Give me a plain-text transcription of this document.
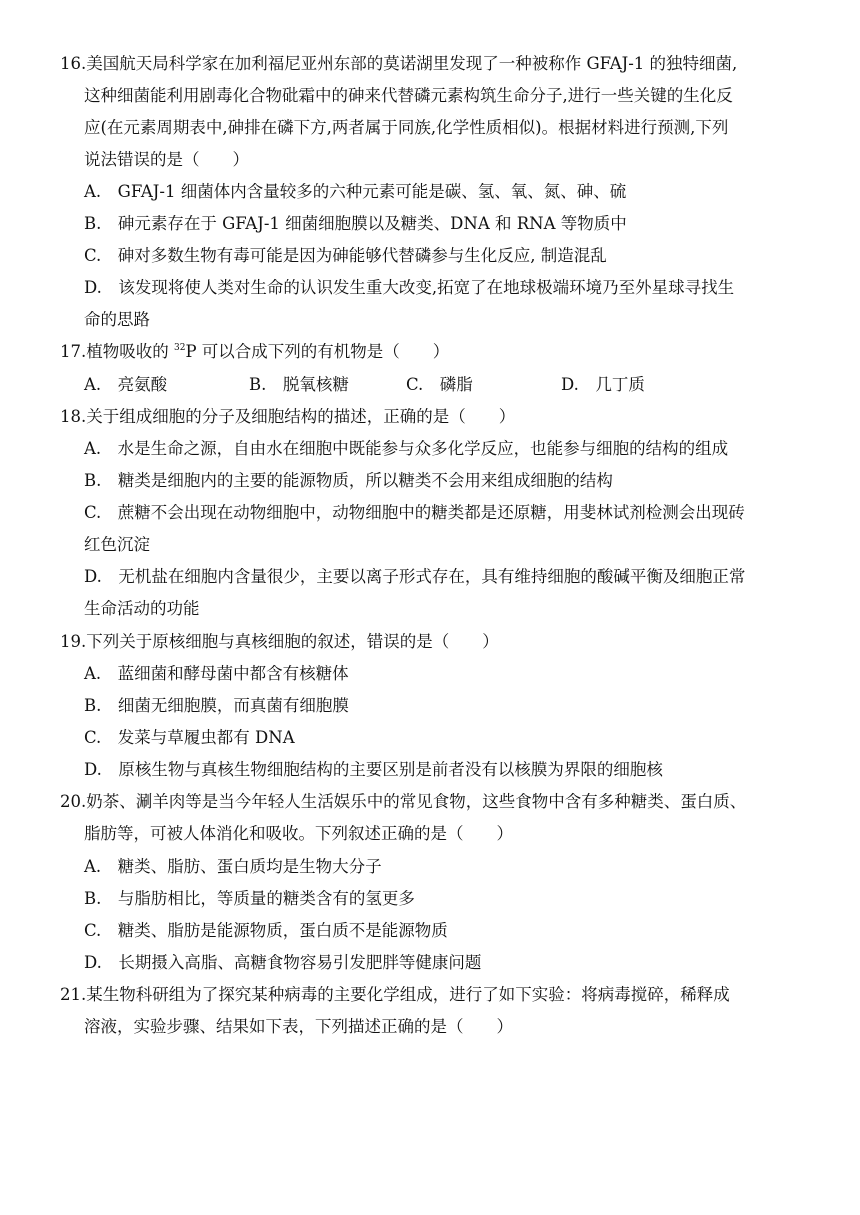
16.美国航天局科学家在加利福尼亚州东部的莫诺湖里发现了一种被称作 GFAJ-1 的独特细菌,
这种细菌能利用剧毒化合物砒霜中的砷来代替磷元素构筑生命分子,进行一些关键的生化反
应(在元素周期表中,砷排在磷下方,两者属于同族,化学性质相似)。根据材料进行预测,下列
说法错误的是（　　）
A.　GFAJ-1 细菌体内含量较多的六种元素可能是碳、氢、氧、氮、砷、硫
B.　砷元素存在于 GFAJ-1 细菌细胞膜以及糖类、DNA 和 RNA 等物质中
C.　砷对多数生物有毒可能是因为砷能够代替磷参与生化反应, 制造混乱
D.　该发现将使人类对生命的认识发生重大改变,拓宽了在地球极端环境乃至外星球寻找生
命的思路
17.植物吸收的 $^{32}$P 可以合成下列的有机物是（　　）
A.　亮氨酸	B.　脱氧核糖	C.　磷脂	D.　几丁质
18.关于组成细胞的分子及细胞结构的描述，正确的是（　　）
A.　水是生命之源，自由水在细胞中既能参与众多化学反应，也能参与细胞的结构的组成
B.　糖类是细胞内的主要的能源物质，所以糖类不会用来组成细胞的结构
C.　蔗糖不会出现在动物细胞中，动物细胞中的糖类都是还原糖，用斐林试剂检测会出现砖
红色沉淀
D.　无机盐在细胞内含量很少，主要以离子形式存在，具有维持细胞的酸碱平衡及细胞正常
生命活动的功能
19.下列关于原核细胞与真核细胞的叙述，错误的是（　　）
A.　蓝细菌和酵母菌中都含有核糖体
B.　细菌无细胞膜，而真菌有细胞膜
C.　发菜与草履虫都有 DNA
D.　原核生物与真核生物细胞结构的主要区别是前者没有以核膜为界限的细胞核
20.奶茶、涮羊肉等是当今年轻人生活娱乐中的常见食物，这些食物中含有多种糖类、蛋白质、
脂肪等，可被人体消化和吸收。下列叙述正确的是（　　）
A.　糖类、脂肪、蛋白质均是生物大分子
B.　与脂肪相比，等质量的糖类含有的氢更多
C.　糖类、脂肪是能源物质，蛋白质不是能源物质
D.　长期摄入高脂、高糖食物容易引发肥胖等健康问题
21.某生物科研组为了探究某种病毒的主要化学组成，进行了如下实验：将病毒搅碎，稀释成
溶液，实验步骤、结果如下表，下列描述正确的是（　　）
